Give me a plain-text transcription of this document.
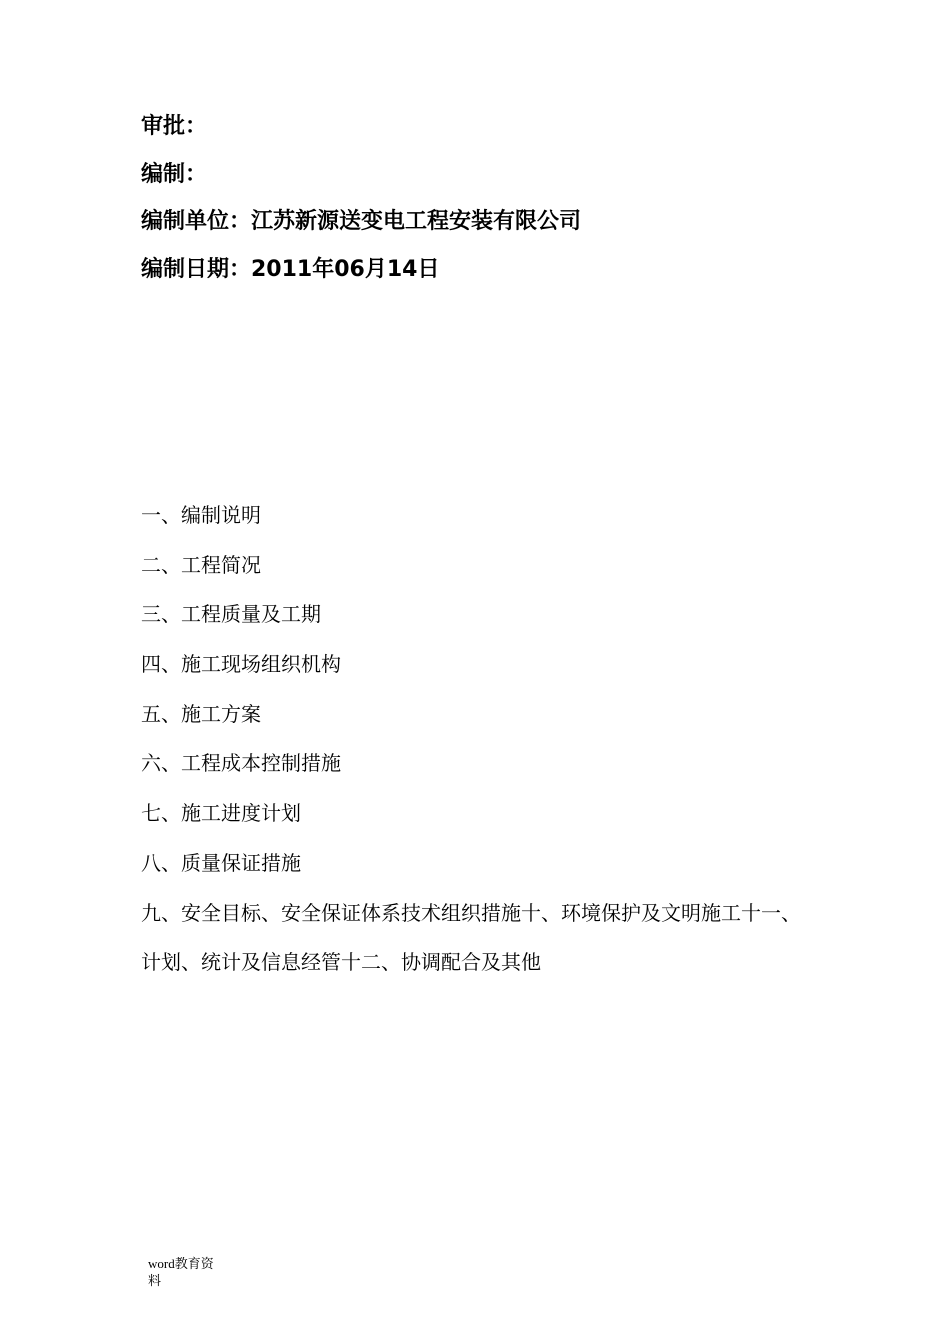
审批：
编制：
编制单位：江苏新源送变电工程安装有限公司
编制日期：2011年06月14日
一、编制说明
二、工程简况
三、工程质量及工期
四、施工现场组织机构
五、施工方案
六、工程成本控制措施
七、施工进度计划
八、质量保证措施
九、安全目标、安全保证体系技术组织措施十、环境保护及文明施工十一、
计划、统计及信息经管十二、协调配合及其他
word教育资
料
